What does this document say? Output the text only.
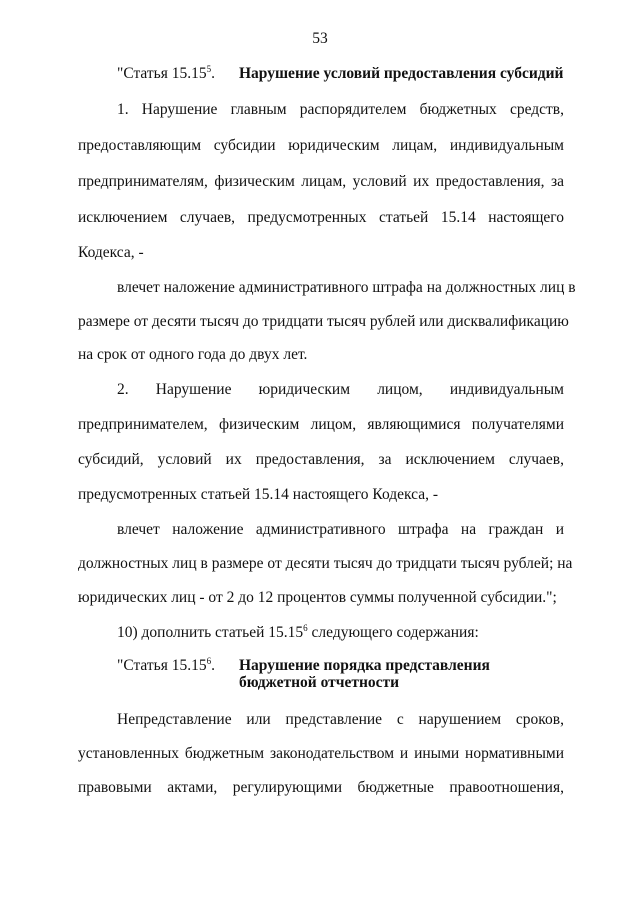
53
"Статья 15.15$^5$. Нарушение условий предоставления субсидий
1. Нарушение главным распорядителем бюджетных средств,
предоставляющим субсидии юридическим лицам, индивидуальным
предпринимателям, физическим лицам, условий их предоставления, за
исключением случаев, предусмотренных статьей 15.14 настоящего
Кодекса, -
влечет наложение административного штрафа на должностных лиц в
размере от десяти тысяч до тридцати тысяч рублей или дисквалификацию
на срок от одного года до двух лет.
2. Нарушение юридическим лицом, индивидуальным
предпринимателем, физическим лицом, являющимися получателями
субсидий, условий их предоставления, за исключением случаев,
предусмотренных статьей 15.14 настоящего Кодекса, -
влечет наложение административного штрафа на граждан и
должностных лиц в размере от десяти тысяч до тридцати тысяч рублей; на
юридических лиц - от 2 до 12 процентов суммы полученной субсидии.";
10) дополнить статьей 15.15$^6$ следующего содержания:
"Статья 15.15$^6$. Нарушение порядка представления
бюджетной отчетности
Непредставление или представление с нарушением сроков,
установленных бюджетным законодательством и иными нормативными
правовыми актами, регулирующими бюджетные правоотношения,
